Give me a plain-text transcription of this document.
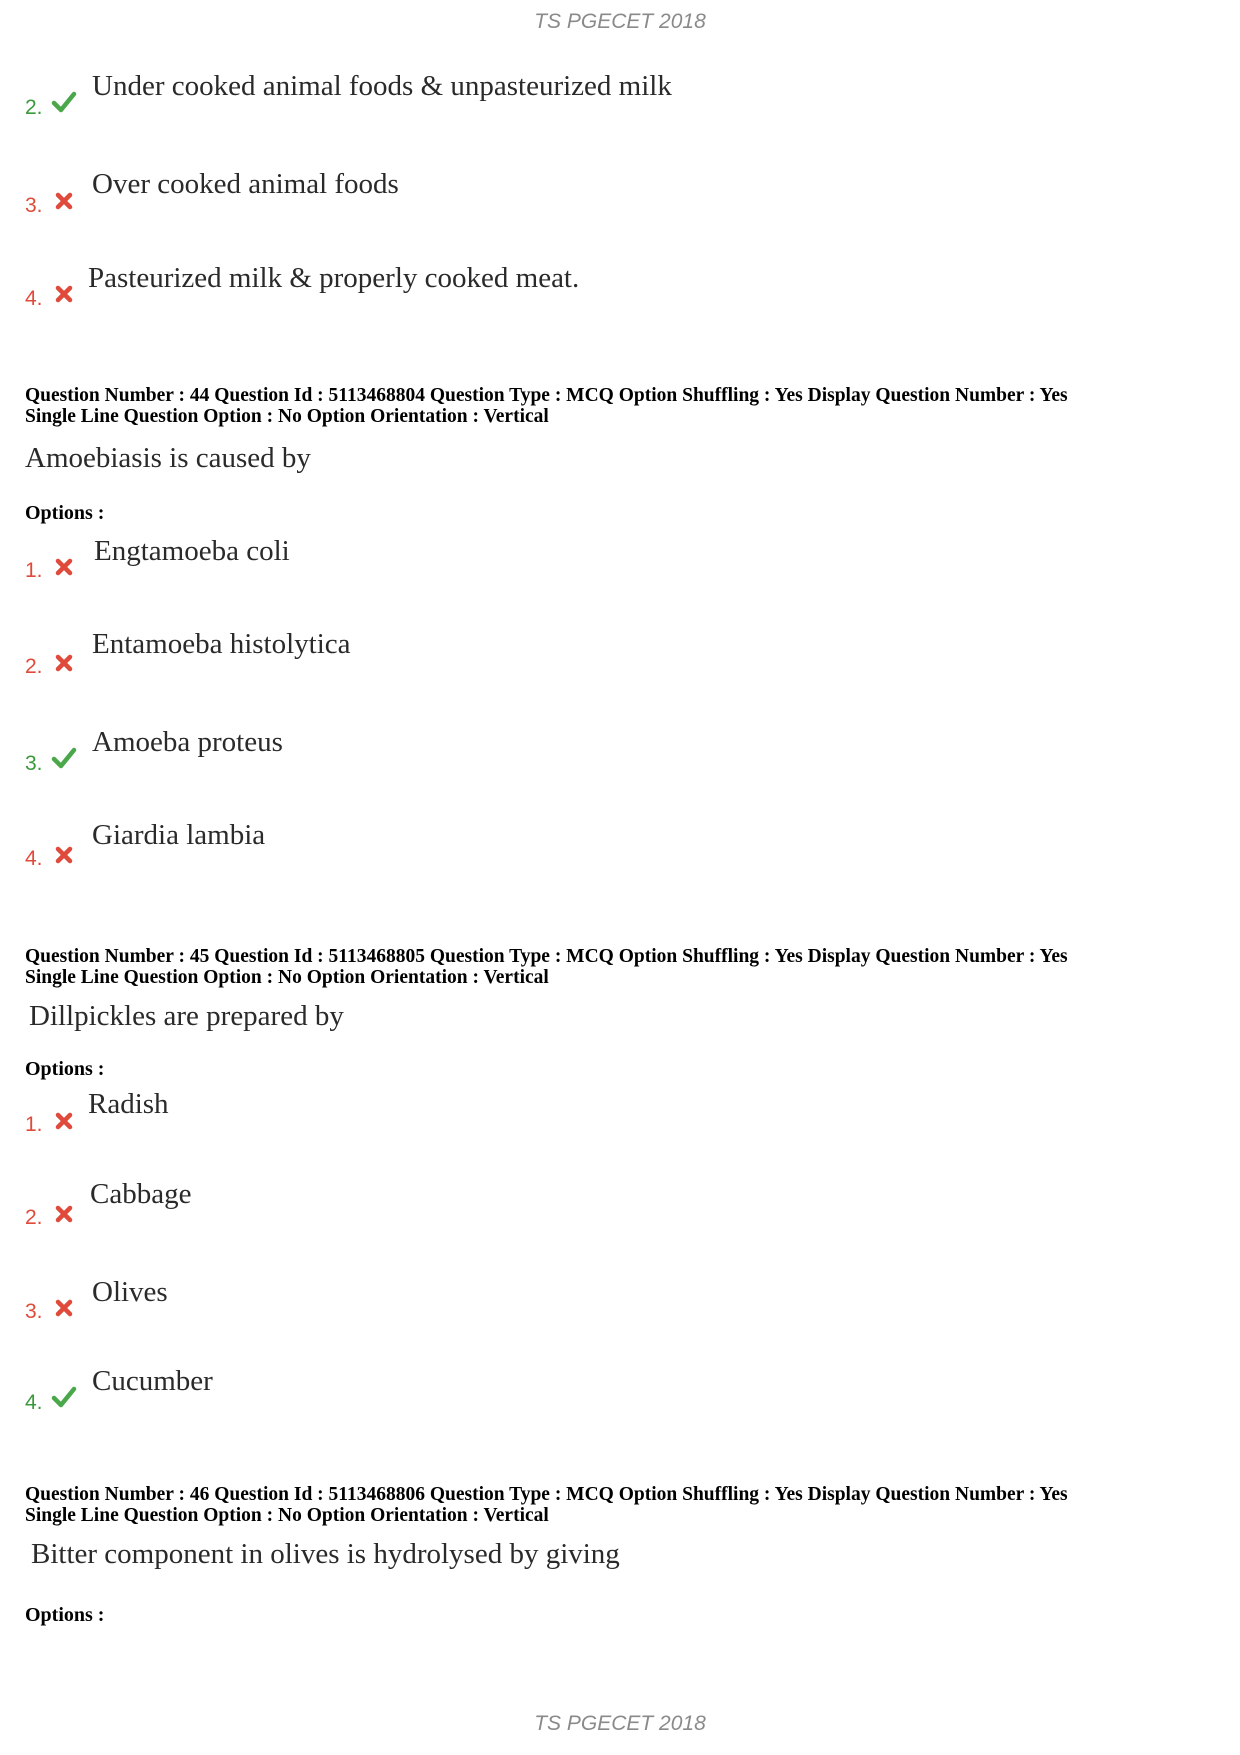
TS PGECET 2018
2.
Under cooked animal foods & unpasteurized milk
3.
Over cooked animal foods
4.
Pasteurized milk & properly cooked meat.
Question Number : 44 Question Id : 5113468804 Question Type : MCQ Option Shuffling : Yes Display Question Number : Yes
Single Line Question Option : No Option Orientation : Vertical
Amoebiasis is caused by
Options :
1.
Engtamoeba coli
2.
Entamoeba histolytica
3.
Amoeba proteus
4.
Giardia lambia
Question Number : 45 Question Id : 5113468805 Question Type : MCQ Option Shuffling : Yes Display Question Number : Yes
Single Line Question Option : No Option Orientation : Vertical
Dillpickles are prepared by
Options :
1.
Radish
2.
Cabbage
3.
Olives
4.
Cucumber
Question Number : 46 Question Id : 5113468806 Question Type : MCQ Option Shuffling : Yes Display Question Number : Yes
Single Line Question Option : No Option Orientation : Vertical
Bitter component in olives is hydrolysed by giving
Options :
TS PGECET 2018
